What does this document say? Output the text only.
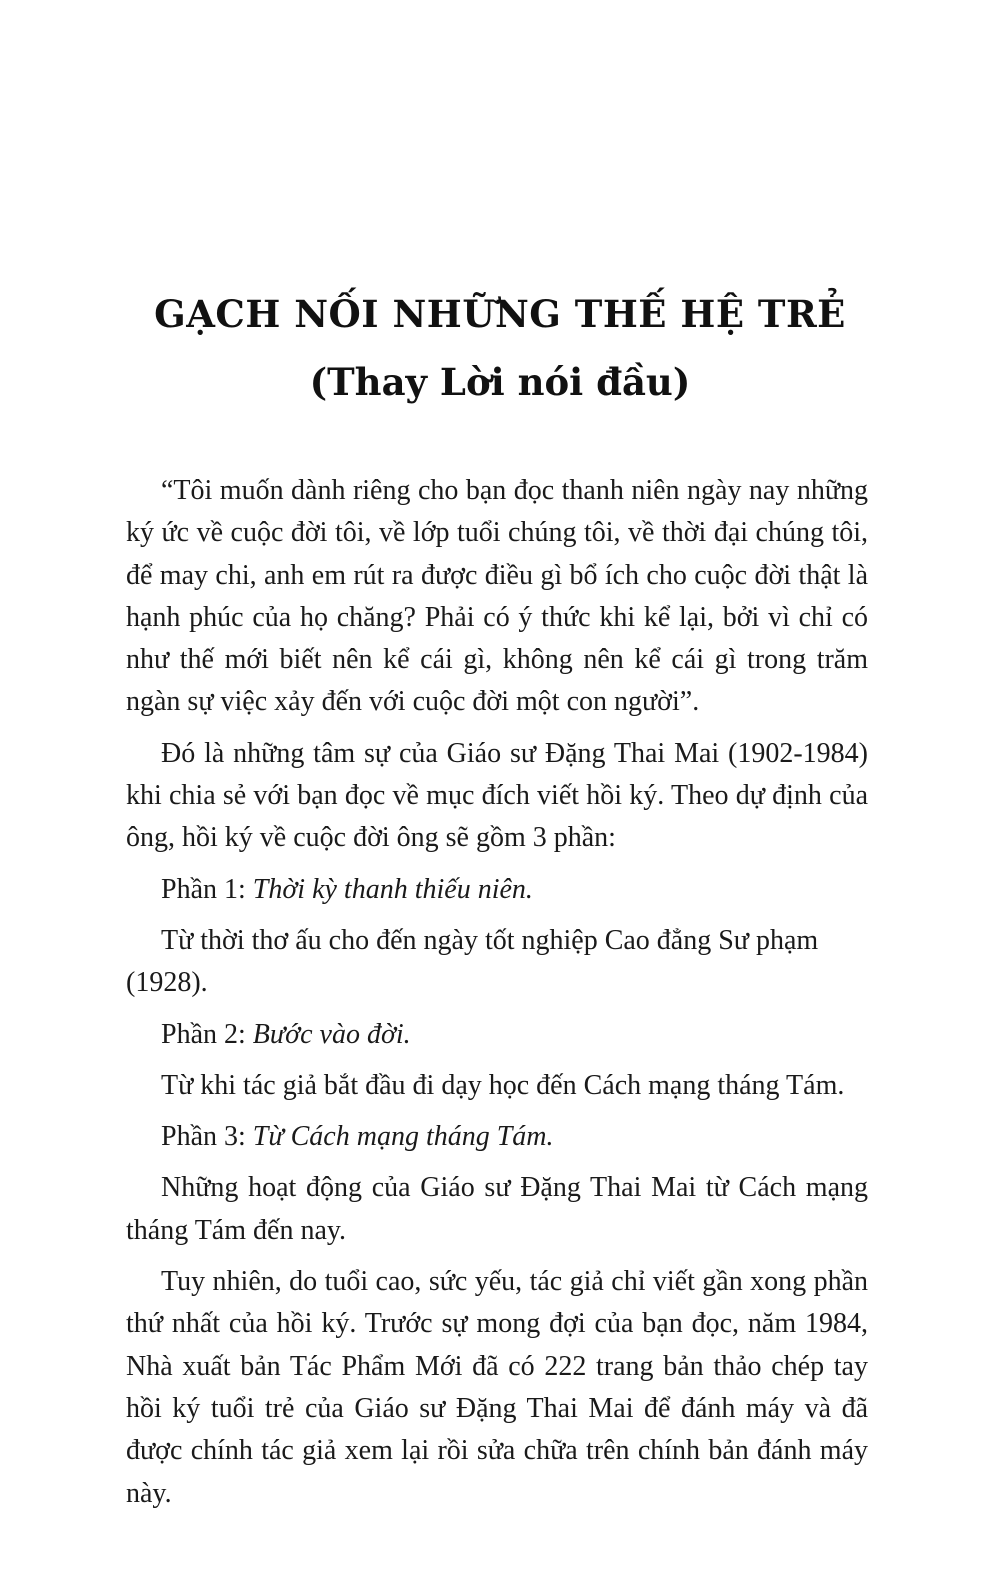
GẠCH NỐI NHỮNG THẾ HỆ TRẺ
(Thay Lời nói đầu)

“Tôi muốn dành riêng cho bạn đọc thanh niên ngày nay những ký ức về cuộc đời tôi, về lớp tuổi chúng tôi, về thời đại chúng tôi, để may chi, anh em rút ra được điều gì bổ ích cho cuộc đời thật là hạnh phúc của họ chăng? Phải có ý thức khi kể lại, bởi vì chỉ có như thế mới biết nên kể cái gì, không nên kể cái gì trong trăm ngàn sự việc xảy đến với cuộc đời một con người”.

Đó là những tâm sự của Giáo sư Đặng Thai Mai (1902-1984) khi chia sẻ với bạn đọc về mục đích viết hồi ký. Theo dự định của ông, hồi ký về cuộc đời ông sẽ gồm 3 phần:

Phần 1: Thời kỳ thanh thiếu niên.

Từ thời thơ ấu cho đến ngày tốt nghiệp Cao đẳng Sư phạm (1928).

Phần 2: Bước vào đời.

Từ khi tác giả bắt đầu đi dạy học đến Cách mạng tháng Tám.

Phần 3: Từ Cách mạng tháng Tám.

Những hoạt động của Giáo sư Đặng Thai Mai từ Cách mạng tháng Tám đến nay.

Tuy nhiên, do tuổi cao, sức yếu, tác giả chỉ viết gần xong phần thứ nhất của hồi ký. Trước sự mong đợi của bạn đọc, năm 1984, Nhà xuất bản Tác Phẩm Mới đã có 222 trang bản thảo chép tay hồi ký tuổi trẻ của Giáo sư Đặng Thai Mai để đánh máy và đã được chính tác giả xem lại rồi sửa chữa trên chính bản đánh máy này.
